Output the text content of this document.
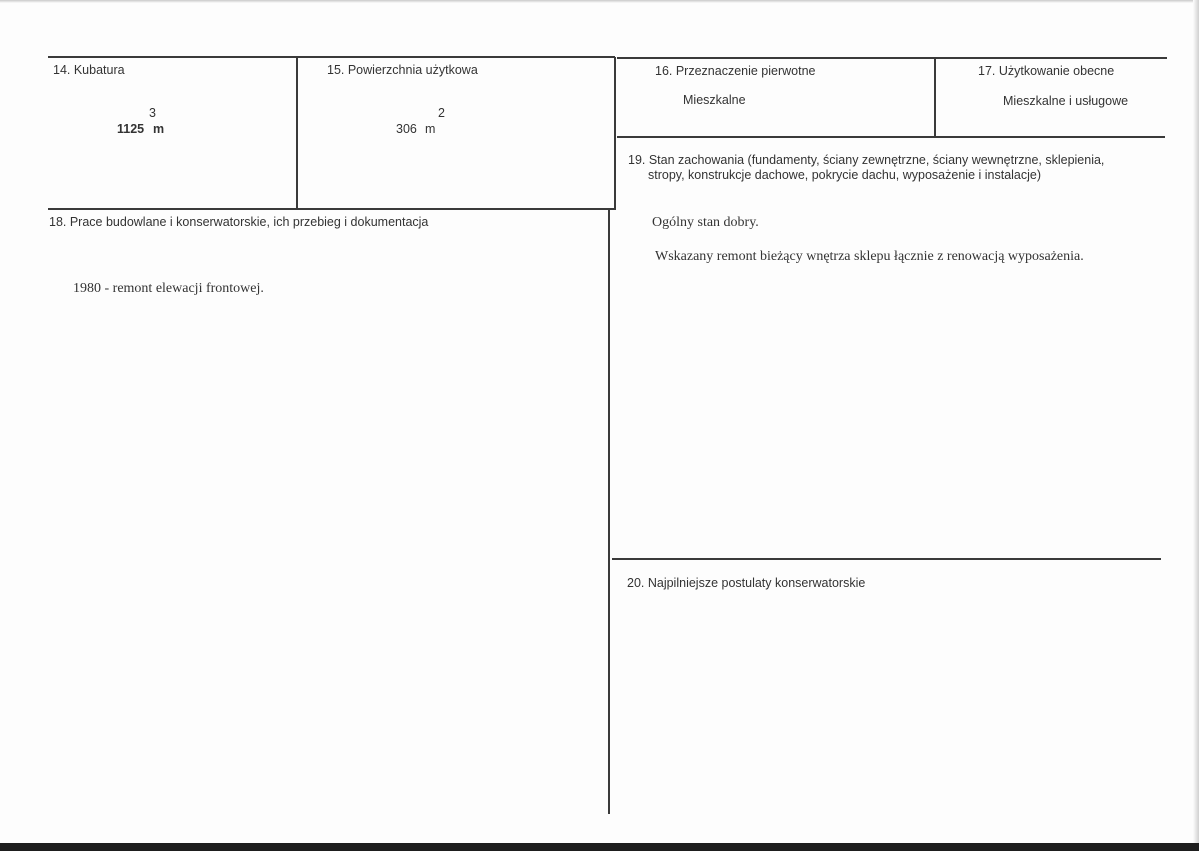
14. Kubatura
3
1125 m
15. Powierzchnia użytkowa
2
306 m
16. Przeznaczenie pierwotne
Mieszkalne
17. Użytkowanie obecne
Mieszkalne i usługowe
18. Prace budowlane i konserwatorskie, ich przebieg i dokumentacja
1980 - remont elewacji frontowej.
19. Stan zachowania (fundamenty, ściany zewnętrzne, ściany wewnętrzne, sklepienia,
stropy, konstrukcje dachowe, pokrycie dachu, wyposażenie i instalacje)
Ogólny stan dobry.
Wskazany remont bieżący wnętrza sklepu łącznie z renowacją wyposażenia.
20. Najpilniejsze postulaty konserwatorskie
